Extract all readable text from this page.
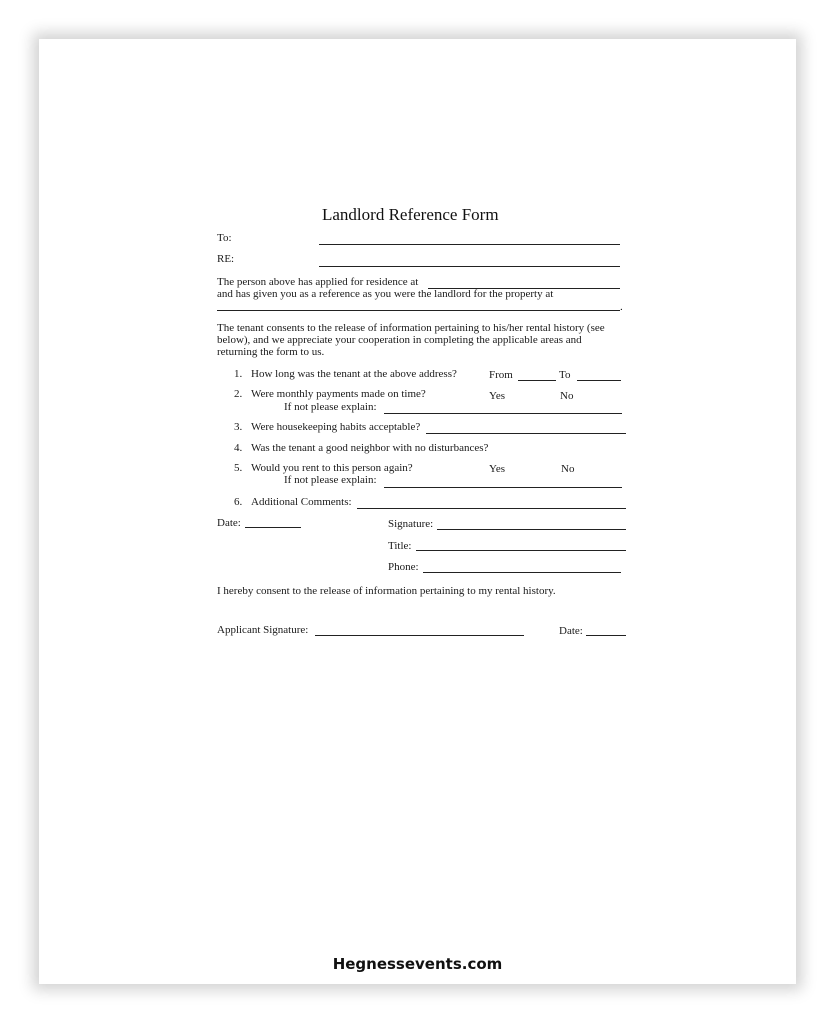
Landlord Reference Form
To:
RE:
The person above has applied for residence at
and has given you as a reference as you were the landlord for the property at
.
The tenant consents to the release of information pertaining to his/her rental history (see
below), and we appreciate your cooperation in completing the applicable areas and
returning the form to us.
1. How long was the tenant at the above address?	From	To
2. Were monthly payments made on time?	Yes	No
If not please explain:
3. Were housekeeping habits acceptable?
4. Was the tenant a good neighbor with no disturbances?
5. Would you rent to this person again?	Yes	No
If not please explain:
6. Additional Comments:
Date:	Signature:
Title:
Phone:
I hereby consent to the release of information pertaining to my rental history.
Applicant Signature:	Date:
Hegnessevents.com
